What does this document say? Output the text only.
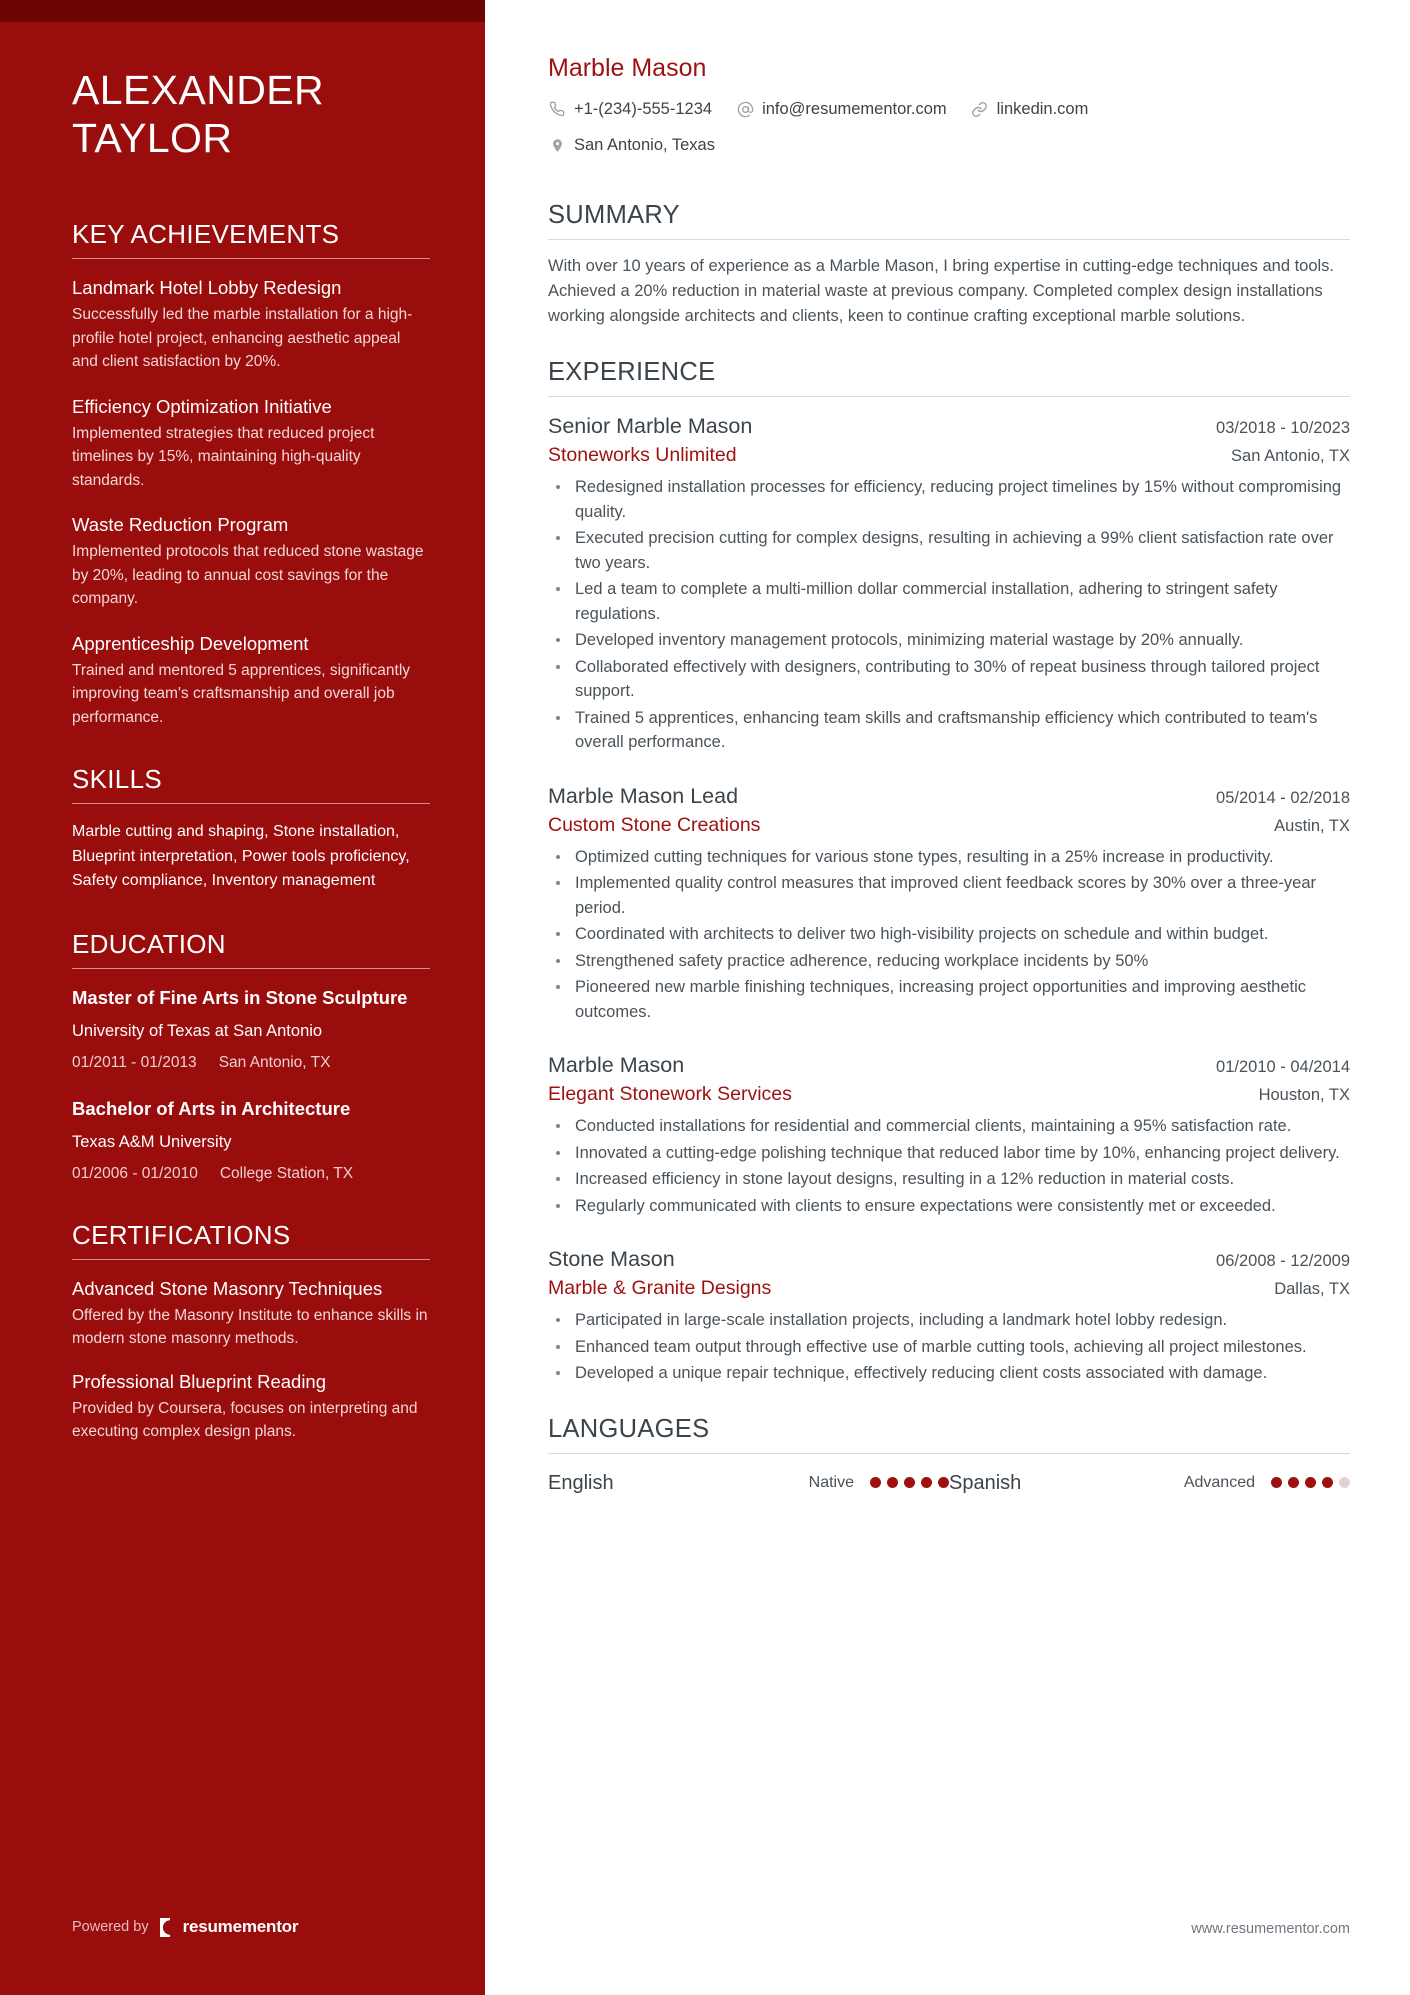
ALEXANDER
TAYLOR
KEY ACHIEVEMENTS
Landmark Hotel Lobby Redesign
Successfully led the marble installation for a high-profile hotel project, enhancing aesthetic appeal and client satisfaction by 20%.
Efficiency Optimization Initiative
Implemented strategies that reduced project timelines by 15%, maintaining high-quality standards.
Waste Reduction Program
Implemented protocols that reduced stone wastage by 20%, leading to annual cost savings for the company.
Apprenticeship Development
Trained and mentored 5 apprentices, significantly improving team's craftsmanship and overall job performance.
SKILLS
Marble cutting and shaping, Stone installation, Blueprint interpretation, Power tools proficiency, Safety compliance, Inventory management
EDUCATION
Master of Fine Arts in Stone Sculpture
University of Texas at San Antonio
01/2011 - 01/2013 San Antonio, TX
Bachelor of Arts in Architecture
Texas A&M University
01/2006 - 01/2010 College Station, TX
CERTIFICATIONS
Advanced Stone Masonry Techniques
Offered by the Masonry Institute to enhance skills in modern stone masonry methods.
Professional Blueprint Reading
Provided by Coursera, focuses on interpreting and executing complex design plans.
Powered by resumementor
Marble Mason
+1-(234)-555-1234	info@resumementor.com	linkedin.com
San Antonio, Texas
SUMMARY

With over 10 years of experience as a Marble Mason, I bring expertise in cutting-edge techniques and tools. Achieved a 20% reduction in material waste at previous company. Completed complex design installations working alongside architects and clients, keen to continue crafting exceptional marble solutions.

EXPERIENCE
Senior Marble Mason	03/2018 - 10/2023
Stoneworks Unlimited	San Antonio, TX
Redesigned installation processes for efficiency, reducing project timelines by 15% without compromising quality.
Executed precision cutting for complex designs, resulting in achieving a 99% client satisfaction rate over two years.
Led a team to complete a multi-million dollar commercial installation, adhering to stringent safety regulations.
Developed inventory management protocols, minimizing material wastage by 20% annually.
Collaborated effectively with designers, contributing to 30% of repeat business through tailored project support.
Trained 5 apprentices, enhancing team skills and craftsmanship efficiency which contributed to team's overall performance.
Marble Mason Lead	05/2014 - 02/2018
Custom Stone Creations	Austin, TX
Optimized cutting techniques for various stone types, resulting in a 25% increase in productivity.
Implemented quality control measures that improved client feedback scores by 30% over a three-year period.
Coordinated with architects to deliver two high-visibility projects on schedule and within budget.
Strengthened safety practice adherence, reducing workplace incidents by 50%
Pioneered new marble finishing techniques, increasing project opportunities and improving aesthetic outcomes.
Marble Mason	01/2010 - 04/2014
Elegant Stonework Services	Houston, TX
Conducted installations for residential and commercial clients, maintaining a 95% satisfaction rate.
Innovated a cutting-edge polishing technique that reduced labor time by 10%, enhancing project delivery.
Increased efficiency in stone layout designs, resulting in a 12% reduction in material costs.
Regularly communicated with clients to ensure expectations were consistently met or exceeded.
Stone Mason	06/2008 - 12/2009
Marble & Granite Designs	Dallas, TX
Participated in large-scale installation projects, including a landmark hotel lobby redesign.
Enhanced team output through effective use of marble cutting tools, achieving all project milestones.
Developed a unique repair technique, effectively reducing client costs associated with damage.
LANGUAGES
English	Native	Spanish	Advanced
www.resumementor.com
